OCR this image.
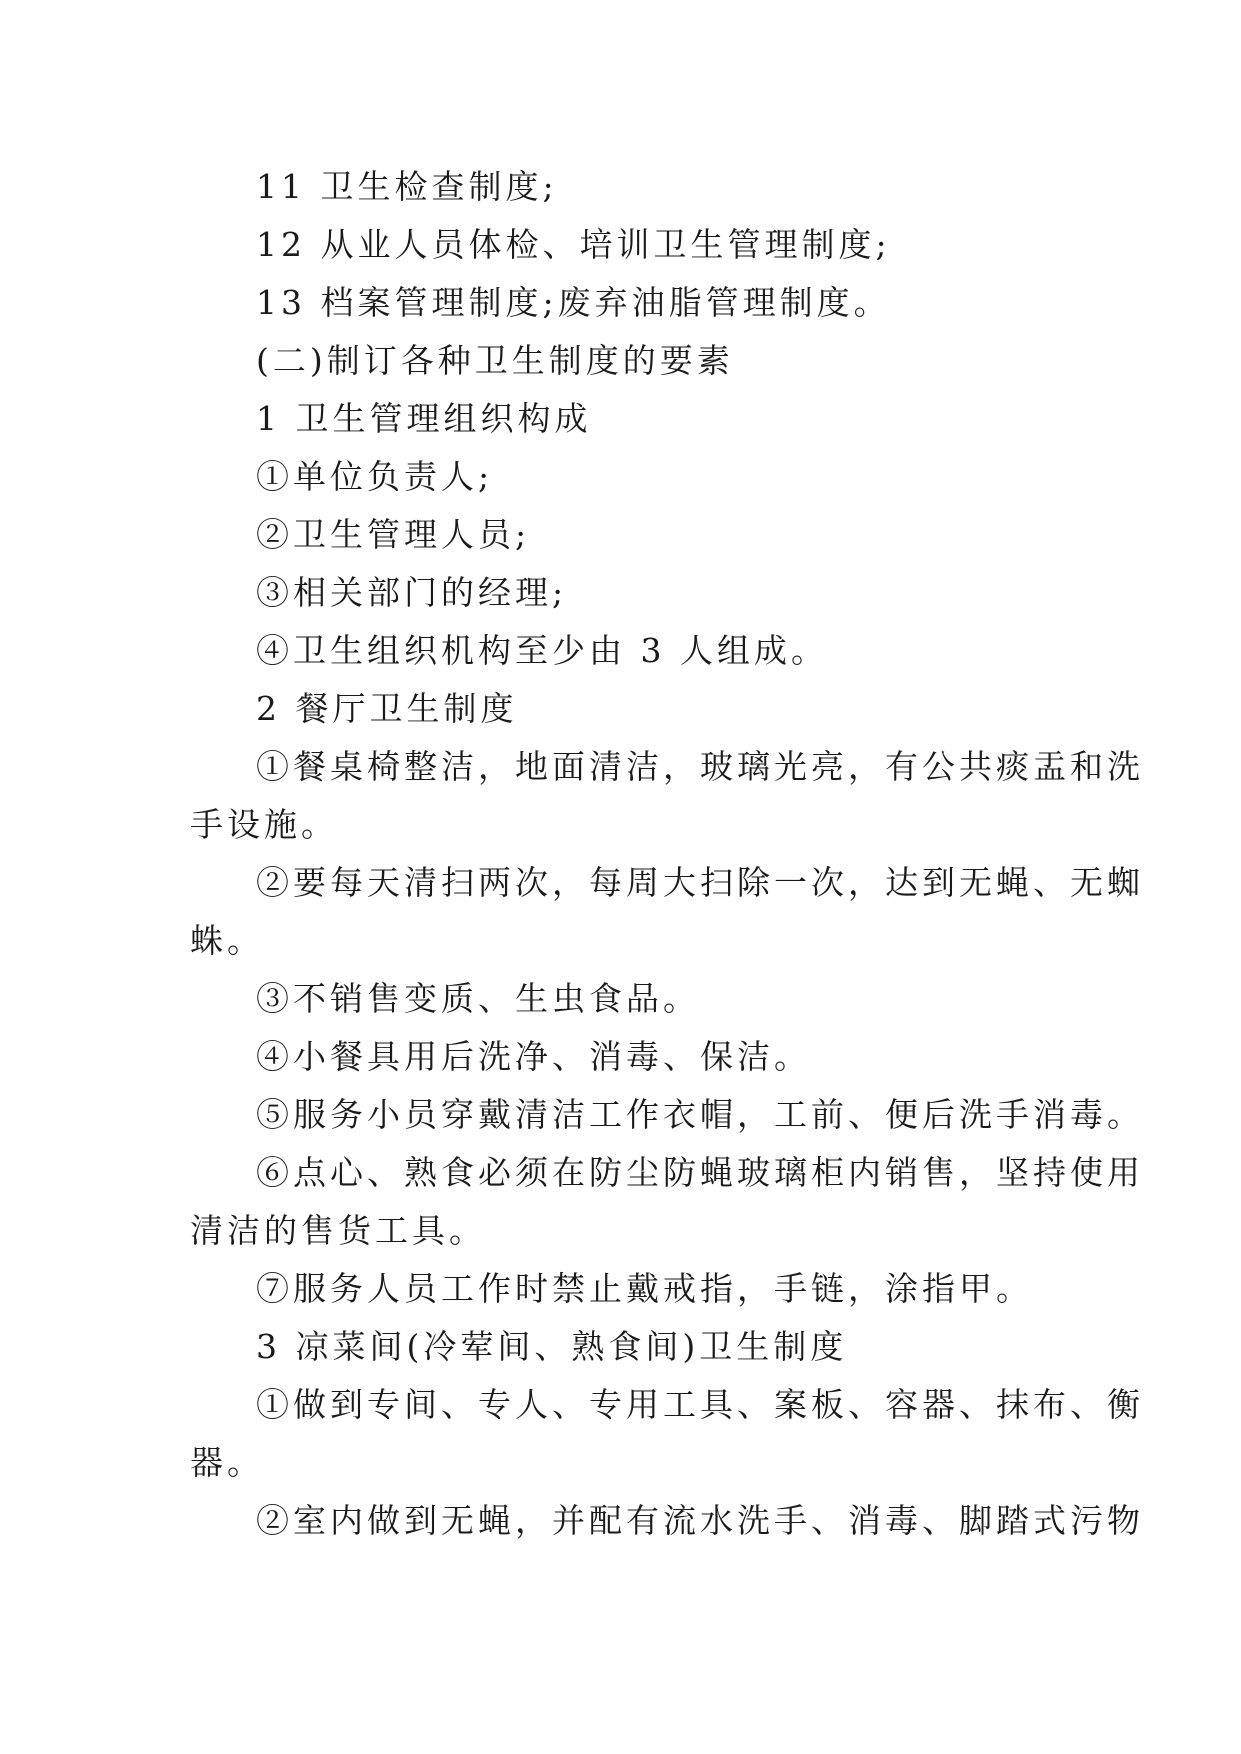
11 卫生检查制度;
12 从业人员体检、培训卫生管理制度;
13 档案管理制度;废弃油脂管理制度。
(二)制订各种卫生制度的要素
1 卫生管理组织构成
①单位负责人;
②卫生管理人员;
③相关部门的经理;
④卫生组织机构至少由 3 人组成。
2 餐厅卫生制度
①餐桌椅整洁，地面清洁，玻璃光亮，有公共痰盂和洗
手设施。
②要每天清扫两次，每周大扫除一次，达到无蝇、无蜘
蛛。
③不销售变质、生虫食品。
④小餐具用后洗净、消毒、保洁。
⑤服务小员穿戴清洁工作衣帽，工前、便后洗手消毒。
⑥点心、熟食必须在防尘防蝇玻璃柜内销售，坚持使用
清洁的售货工具。
⑦服务人员工作时禁止戴戒指，手链，涂指甲。
3 凉菜间(冷荤间、熟食间)卫生制度
①做到专间、专人、专用工具、案板、容器、抹布、衡
器。
②室内做到无蝇，并配有流水洗手、消毒、脚踏式污物
